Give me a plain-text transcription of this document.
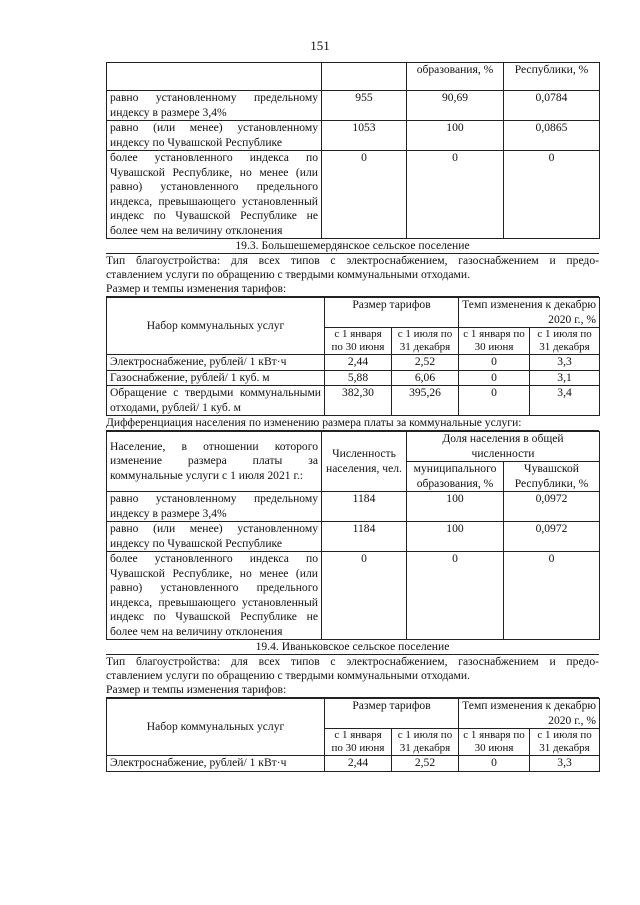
151
		образования, %	Республики, %
равно установленному предельному индексу в размере 3,4%	955	90,69	0,0784
равно (или менее) установленному индексу по Чувашской Республике	1053	100	0,0865
более установленного индекса по Чувашской Республике, но менее (или равно) установленного предельного индекса, превышающего установленный индекс по Чувашской Республике не более чем на величину отклонения	0	0	0
19.3. Большешемердянское сельское поселение
Тип благоустройства: для всех типов с электроснабжением, газоснабжением и предо-
ставлением услуги по обращению с твердыми коммунальными отходами.
Размер и темпы изменения тарифов:
Набор коммунальных услуг	Размер тарифов		Темп изменения к декабрю 2020 г., %	
	с 1 января по 30 июня	с 1 июля по 31 декабря	с 1 января по 30 июня	с 1 июля по 31 декабря
Электроснабжение, рублей/ 1 кВт·ч	2,44	2,52	0	3,3
Газоснабжение, рублей/ 1 куб. м	5,88	6,06	0	3,1
Обращение с твердыми коммунальными отходами, рублей/ 1 куб. м	382,30	395,26	0	3,4
Дифференциация населения по изменению размера платы за коммунальные услуги:
Население, в отношении которого изменение размера платы за коммунальные услуги с 1 июля 2021 г.:	Численность населения, чел.	Доля населения в общей численности	
		муниципального образования, %	Чувашской Республики, %
равно установленному предельному индексу в размере 3,4%	1184	100	0,0972
равно (или менее) установленному индексу по Чувашской Республике	1184	100	0,0972
более установленного индекса по Чувашской Республике, но менее (или равно) установленного предельного индекса, превышающего установленный индекс по Чувашской Республике не более чем на величину отклонения	0	0	0
19.4. Иваньковское сельское поселение
Тип благоустройства: для всех типов с электроснабжением, газоснабжением и предо-
ставлением услуги по обращению с твердыми коммунальными отходами.
Размер и темпы изменения тарифов:
Набор коммунальных услуг	Размер тарифов		Темп изменения к декабрю 2020 г., %	
	с 1 января по 30 июня	с 1 июля по 31 декабря	с 1 января по 30 июня	с 1 июля по 31 декабря
Электроснабжение, рублей/ 1 кВт·ч	2,44	2,52	0	3,3
